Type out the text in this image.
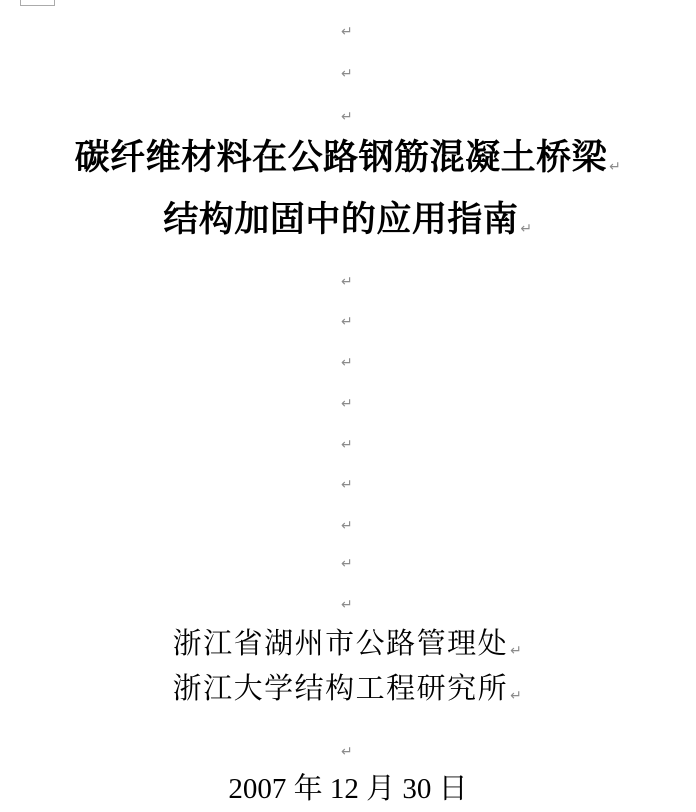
↵
↵
↵
碳纤维材料在公路钢筋混凝土桥梁 ↵
结构加固中的应用指南 ↵
↵
↵
↵
↵
↵
↵
↵
↵
↵
浙江省湖州市公路管理处 ↵
浙江大学结构工程研究所 ↵
↵
2007 年 12 月 30 日
